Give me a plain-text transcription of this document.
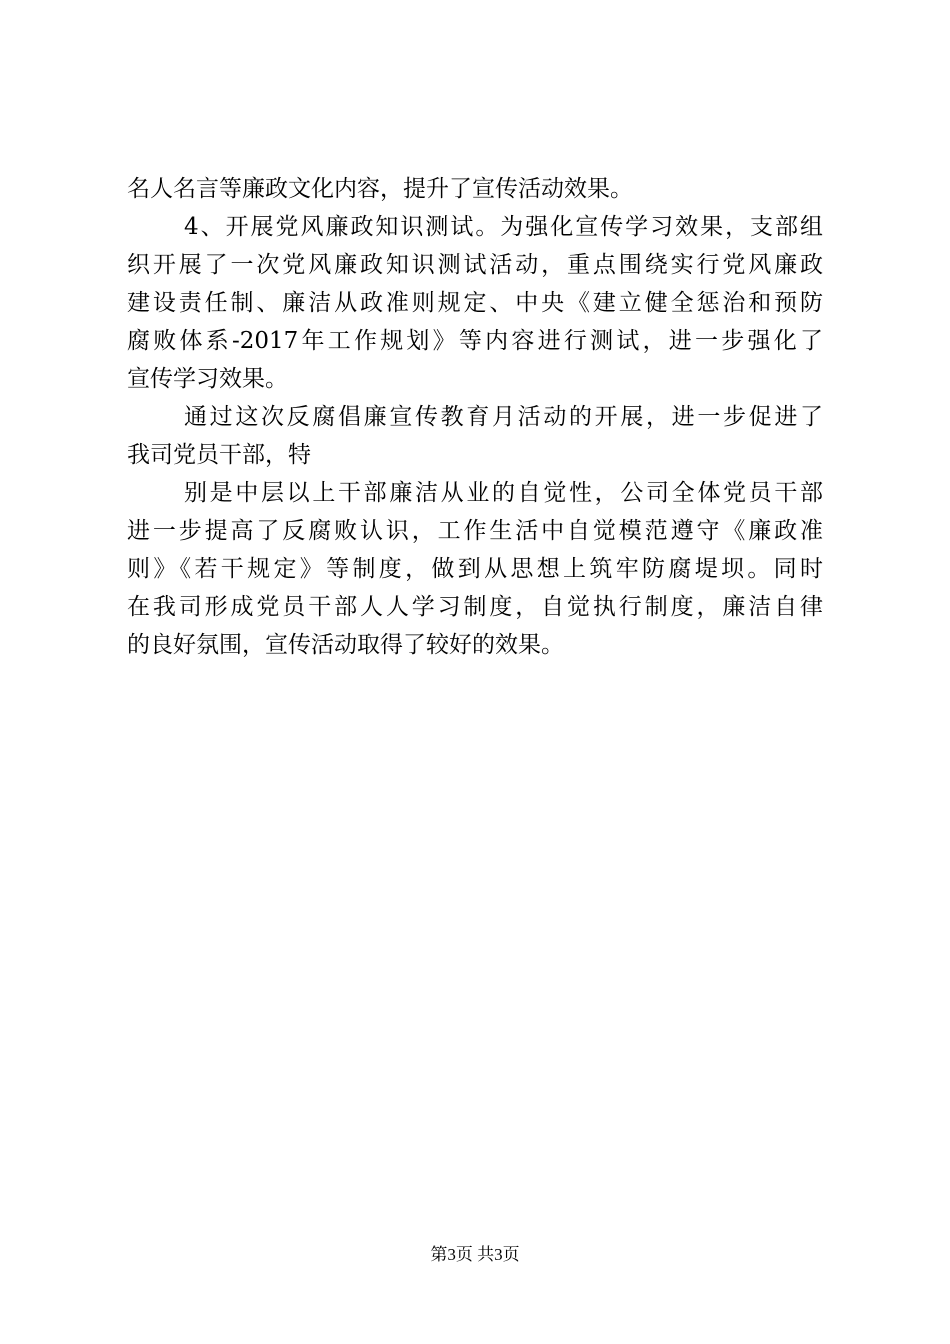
名人名言等廉政文化内容，提升了宣传活动效果。
4、开展党风廉政知识测试。为强化宣传学习效果，支部组
织开展了一次党风廉政知识测试活动，重点围绕实行党风廉政
建设责任制、廉洁从政准则规定、中央《建立健全惩治和预防
腐败体系-2017年工作规划》等内容进行测试，进一步强化了
宣传学习效果。
通过这次反腐倡廉宣传教育月活动的开展，进一步促进了
我司党员干部，特
别是中层以上干部廉洁从业的自觉性，公司全体党员干部
进一步提高了反腐败认识，工作生活中自觉模范遵守《廉政准
则》《若干规定》等制度，做到从思想上筑牢防腐堤坝。同时
在我司形成党员干部人人学习制度，自觉执行制度，廉洁自律
的良好氛围，宣传活动取得了较好的效果。
第3页 共3页
